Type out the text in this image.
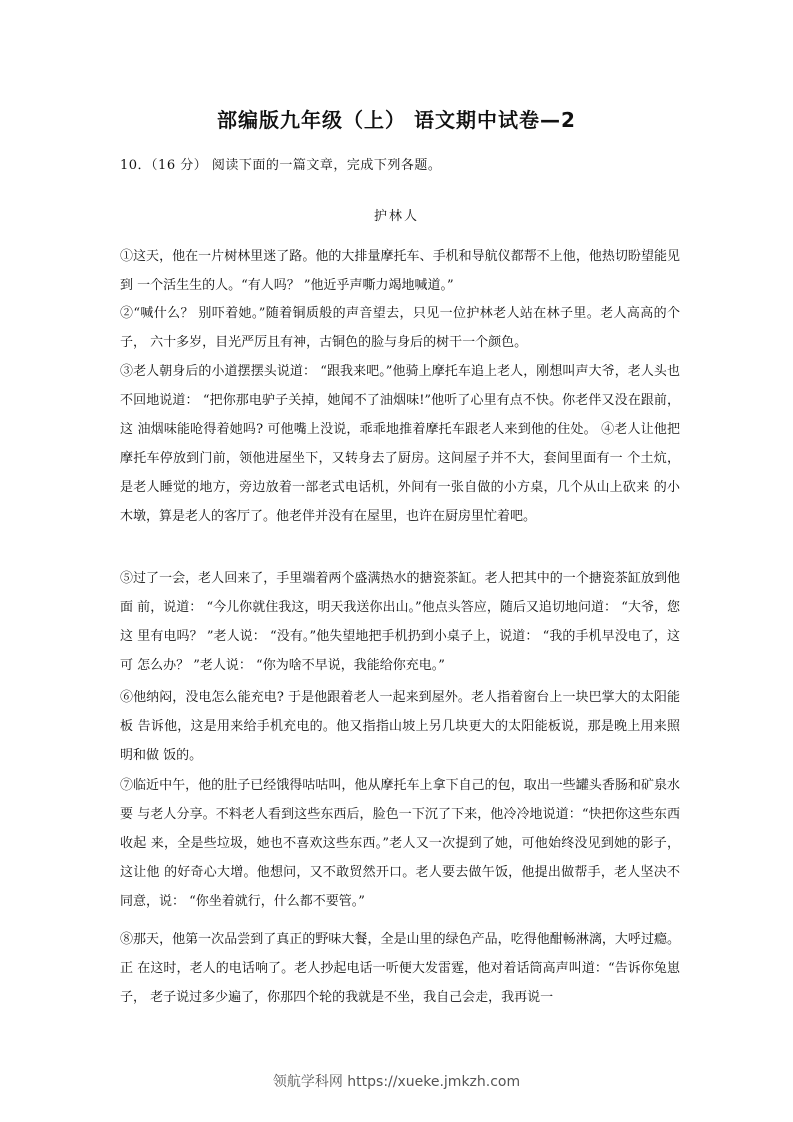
部编版九年级（上） 语文期中试卷—2
10．（16 分） 阅读下面的一篇文章，完成下列各题。
护林人
①这天，他在一片树林里迷了路。他的大排量摩托车、手机和导航仪都帮不上他，他热切盼望能见到 一个活生生的人。“有人吗？ ”他近乎声嘶力竭地喊道。”
②“喊什么？ 别吓着她。”随着铜质般的声音望去，只见一位护林老人站在林子里。老人高高的个子， 六十多岁，目光严厉且有神，古铜色的脸与身后的树干一个颜色。
③老人朝身后的小道摆摆头说道： “跟我来吧。”他骑上摩托车追上老人，刚想叫声大爷，老人头也 不回地说道： “把你那电驴子关掉，她闻不了油烟味!”他听了心里有点不快。你老伴又没在跟前，这 油烟味能呛得着她吗? 可他嘴上没说，乖乖地推着摩托车跟老人来到他的住处。 ④老人让他把摩托车停放到门前，领他进屋坐下，又转身去了厨房。这间屋子并不大，套间里面有一 个土炕，是老人睡觉的地方，旁边放着一部老式电话机，外间有一张自做的小方桌，几个从山上砍来 的小木墩，算是老人的客厅了。他老伴并没有在屋里，也许在厨房里忙着吧。
⑤过了一会，老人回来了，手里端着两个盛满热水的搪瓷茶缸。老人把其中的一个搪瓷茶缸放到他面 前，说道： “今儿你就住我这，明天我送你出山。”他点头答应，随后又追切地问道： “大爷，您这 里有电吗？ ”老人说： “没有。”他失望地把手机扔到小桌子上，说道： “我的手机早没电了，这可 怎么办？ ”老人说： “你为啥不早说，我能给你充电。”
⑥他纳闷，没电怎么能充电? 于是他跟着老人一起来到屋外。老人指着窗台上一块巴掌大的太阳能板 告诉他，这是用来给手机充电的。他又指指山坡上另几块更大的太阳能板说，那是晚上用来照明和做 饭的。
⑦临近中午，他的肚子已经饿得咕咕叫，他从摩托车上拿下自己的包，取出一些罐头香肠和矿泉水要 与老人分享。不料老人看到这些东西后，脸色一下沉了下来，他冷冷地说道：“快把你这些东西收起 来，全是些垃圾，她也不喜欢这些东西。”老人又一次提到了她，可他始终没见到她的影子，这让他 的好奇心大增。他想问，又不敢贸然开口。老人要去做午饭，他提出做帮手，老人坚决不同意，说： “你坐着就行，什么都不要管。”
⑧那天，他第一次品尝到了真正的野味大餐，全是山里的绿色产品，吃得他酣畅淋漓，大呼过瘾。正 在这时，老人的电话响了。老人抄起电话一听便大发雷霆，他对着话筒高声叫道：“告诉你兔崽子， 老子说过多少遍了，你那四个轮的我就是不坐，我自己会走，我再说一
领航学科网 https://xueke.jmkzh.com
